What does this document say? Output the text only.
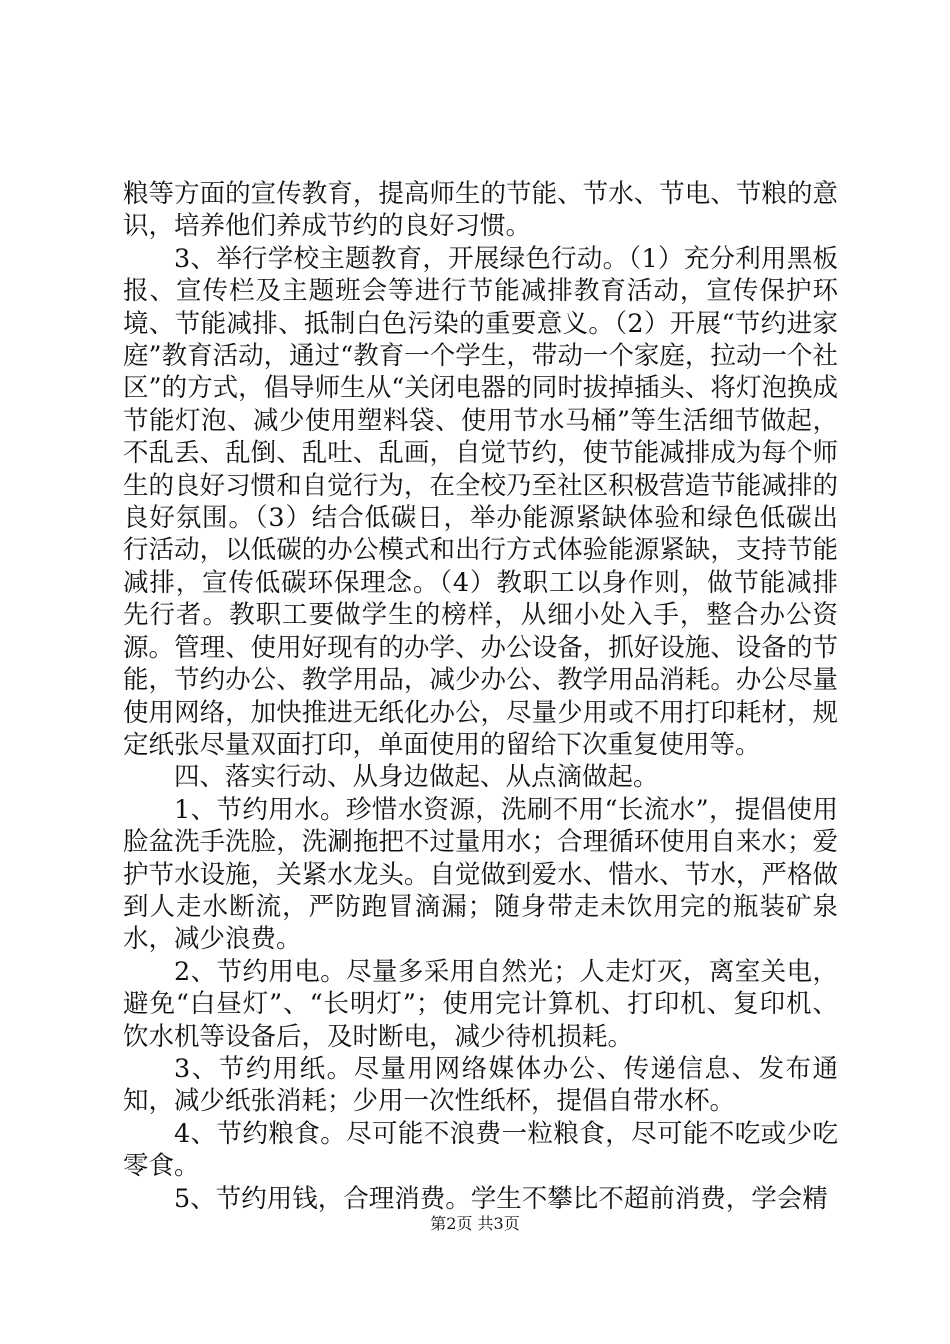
粮等方面的宣传教育，提高师生的节能、节水、节电、节粮的意识，培养他们养成节约的良好习惯。

3、举行学校主题教育，开展绿色行动。（1）充分利用黑板报、宣传栏及主题班会等进行节能减排教育活动，宣传保护环境、节能减排、抵制白色污染的重要意义。（2）开展“节约进家庭”教育活动，通过“教育一个学生，带动一个家庭，拉动一个社区”的方式，倡导师生从“关闭电器的同时拔掉插头、将灯泡换成节能灯泡、减少使用塑料袋、使用节水马桶”等生活细节做起，不乱丢、乱倒、乱吐、乱画，自觉节约，使节能减排成为每个师生的良好习惯和自觉行为，在全校乃至社区积极营造节能减排的良好氛围。（3）结合低碳日，举办能源紧缺体验和绿色低碳出行活动，以低碳的办公模式和出行方式体验能源紧缺，支持节能减排，宣传低碳环保理念。（4）教职工以身作则，做节能减排先行者。教职工要做学生的榜样，从细小处入手，整合办公资源。管理、使用好现有的办学、办公设备，抓好设施、设备的节能，节约办公、教学用品，减少办公、教学用品消耗。办公尽量使用网络，加快推进无纸化办公，尽量少用或不用打印耗材，规定纸张尽量双面打印，单面使用的留给下次重复使用等。

四、落实行动、从身边做起、从点滴做起。

1、节约用水。珍惜水资源，洗刷不用“长流水”，提倡使用脸盆洗手洗脸，洗涮拖把不过量用水；合理循环使用自来水；爱护节水设施，关紧水龙头。自觉做到爱水、惜水、节水，严格做到人走水断流，严防跑冒滴漏；随身带走未饮用完的瓶装矿泉水，减少浪费。

2、节约用电。尽量多采用自然光；人走灯灭，离室关电，避免“白昼灯”、“长明灯”；使用完计算机、打印机、复印机、饮水机等设备后，及时断电，减少待机损耗。

3、节约用纸。尽量用网络媒体办公、传递信息、发布通知，减少纸张消耗；少用一次性纸杯，提倡自带水杯。

4、节约粮食。尽可能不浪费一粒粮食，尽可能不吃或少吃零食。

5、节约用钱，合理消费。学生不攀比不超前消费，学会精

第2页 共3页
